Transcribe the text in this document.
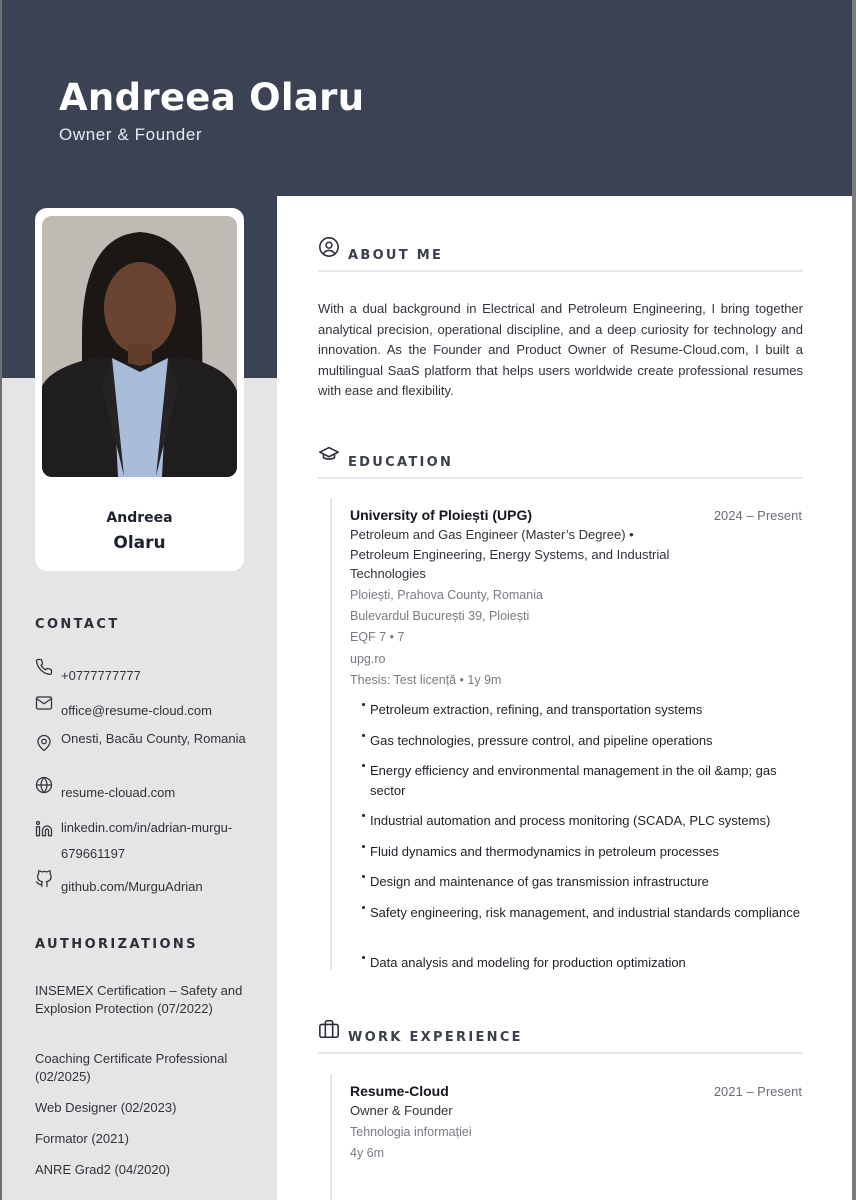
Andreea Olaru
Owner & Founder
Andreea
Olaru
CONTACT
+0777777777
office@resume-cloud.com
Onesti, Bacău County, Romania
resume-clouad.com
linkedin.com/in/adrian-murgu-679661197
github.com/MurguAdrian
AUTHORIZATIONS
INSEMEX Certification – Safety and Explosion Protection (07/2022)
Coaching Certificate Professional (02/2025)
Web Designer (02/2023)
Formator (2021)
ANRE Grad2 (04/2020)
ABOUT ME
With a dual background in Electrical and Petroleum Engineering, I bring together analytical precision, operational discipline, and a deep curiosity for technology and innovation. As the Founder and Product Owner of Resume-Cloud.com, I built a multilingual SaaS platform that helps users worldwide create professional resumes with ease and flexibility.
EDUCATION
University of Ploiești (UPG)	2024 – Present
Petroleum and Gas Engineer (Master’s Degree) • Petroleum Engineering, Energy Systems, and Industrial Technologies
Ploiești, Prahova County, Romania
Bulevardul București 39, Ploiești
EQF 7 • 7
upg.ro
Thesis: Test licență • 1y 9m
Petroleum extraction, refining, and transportation systems
Gas technologies, pressure control, and pipeline operations
Energy efficiency and environmental management in the oil &amp; gas sector
Industrial automation and process monitoring (SCADA, PLC systems)
Fluid dynamics and thermodynamics in petroleum processes
Design and maintenance of gas transmission infrastructure
Safety engineering, risk management, and industrial standards compliance
Data analysis and modeling for production optimization
WORK EXPERIENCE
Resume-Cloud	2021 – Present
Owner & Founder
Tehnologia informației
4y 6m
